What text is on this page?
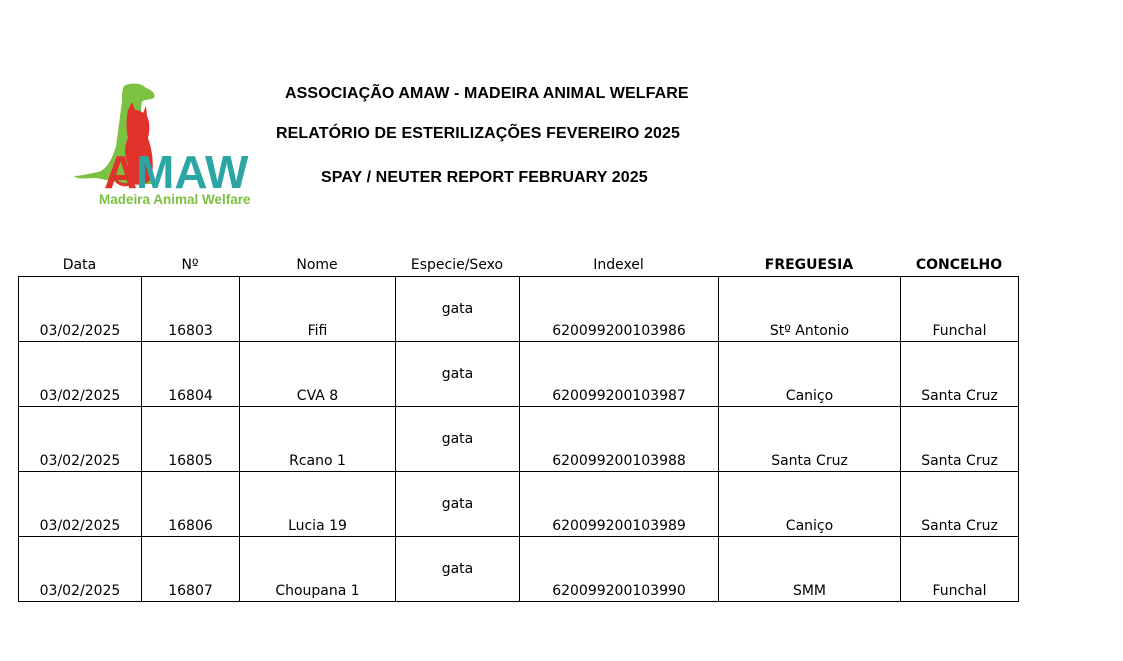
A
MAW
Madeira Animal Welfare
ASSOCIAÇÃO AMAW - MADEIRA ANIMAL WELFARE
RELATÓRIO DE ESTERILIZAÇÕES FEVEREIRO 2025
SPAY / NEUTER REPORT FEBRUARY 2025
Data	Nº	Nome	Especie/Sexo	Indexel	FREGUESIA	CONCELHO
03/02/2025	16803	Fifi	gata	620099200103986	Stº Antonio	Funchal

03/02/2025	16804	CVA 8	gata	620099200103987	Caniço	Santa Cruz

03/02/2025	16805	Rcano 1	gata	620099200103988	Santa Cruz	Santa Cruz

03/02/2025	16806	Lucia 19	gata	620099200103989	Caniço	Santa Cruz

03/02/2025	16807	Choupana 1	gata	620099200103990	SMM	Funchal
